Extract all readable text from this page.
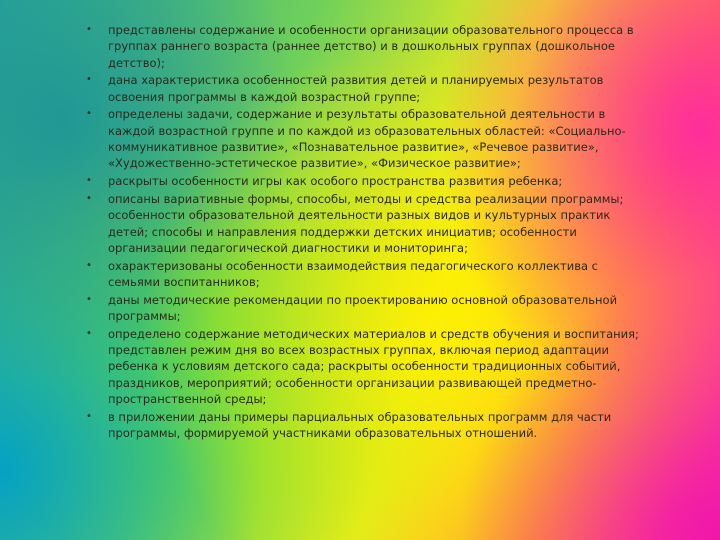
• представлены содержание и особенности организации образовательного процесса в группах раннего возраста (раннее детство) и в дошкольных группах (дошкольное детство);
• дана характеристика особенностей развития детей и планируемых результатов освоения программы в каждой возрастной группе;
• определены задачи, содержание и результаты образовательной деятельности в каждой возрастной группе и по каждой из образовательных областей: «Социально-коммуникативное развитие», «Познавательное развитие», «Речевое развитие», «Художественно-эстетическое развитие», «Физическое развитие»;
• раскрыты особенности игры как особого пространства развития ребенка;
• описаны вариативные формы, способы, методы и средства реализации программы; особенности образовательной деятельности разных видов и культурных практик детей; способы и направления поддержки детских инициатив; особенности организации педагогической диагностики и мониторинга;
• охарактеризованы особенности взаимодействия педагогического коллектива с семьями воспитанников;
• даны методические рекомендации по проектированию основной образовательной программы;
• определено содержание методических материалов и средств обучения и воспитания; представлен режим дня во всех возрастных группах, включая период адаптации ребенка к условиям детского сада; раскрыты особенности традиционных событий, праздников, мероприятий; особенности организации развивающей предметно-пространственной среды;
• в приложении даны примеры парциальных образовательных программ для части программы, формируемой участниками образовательных отношений.
